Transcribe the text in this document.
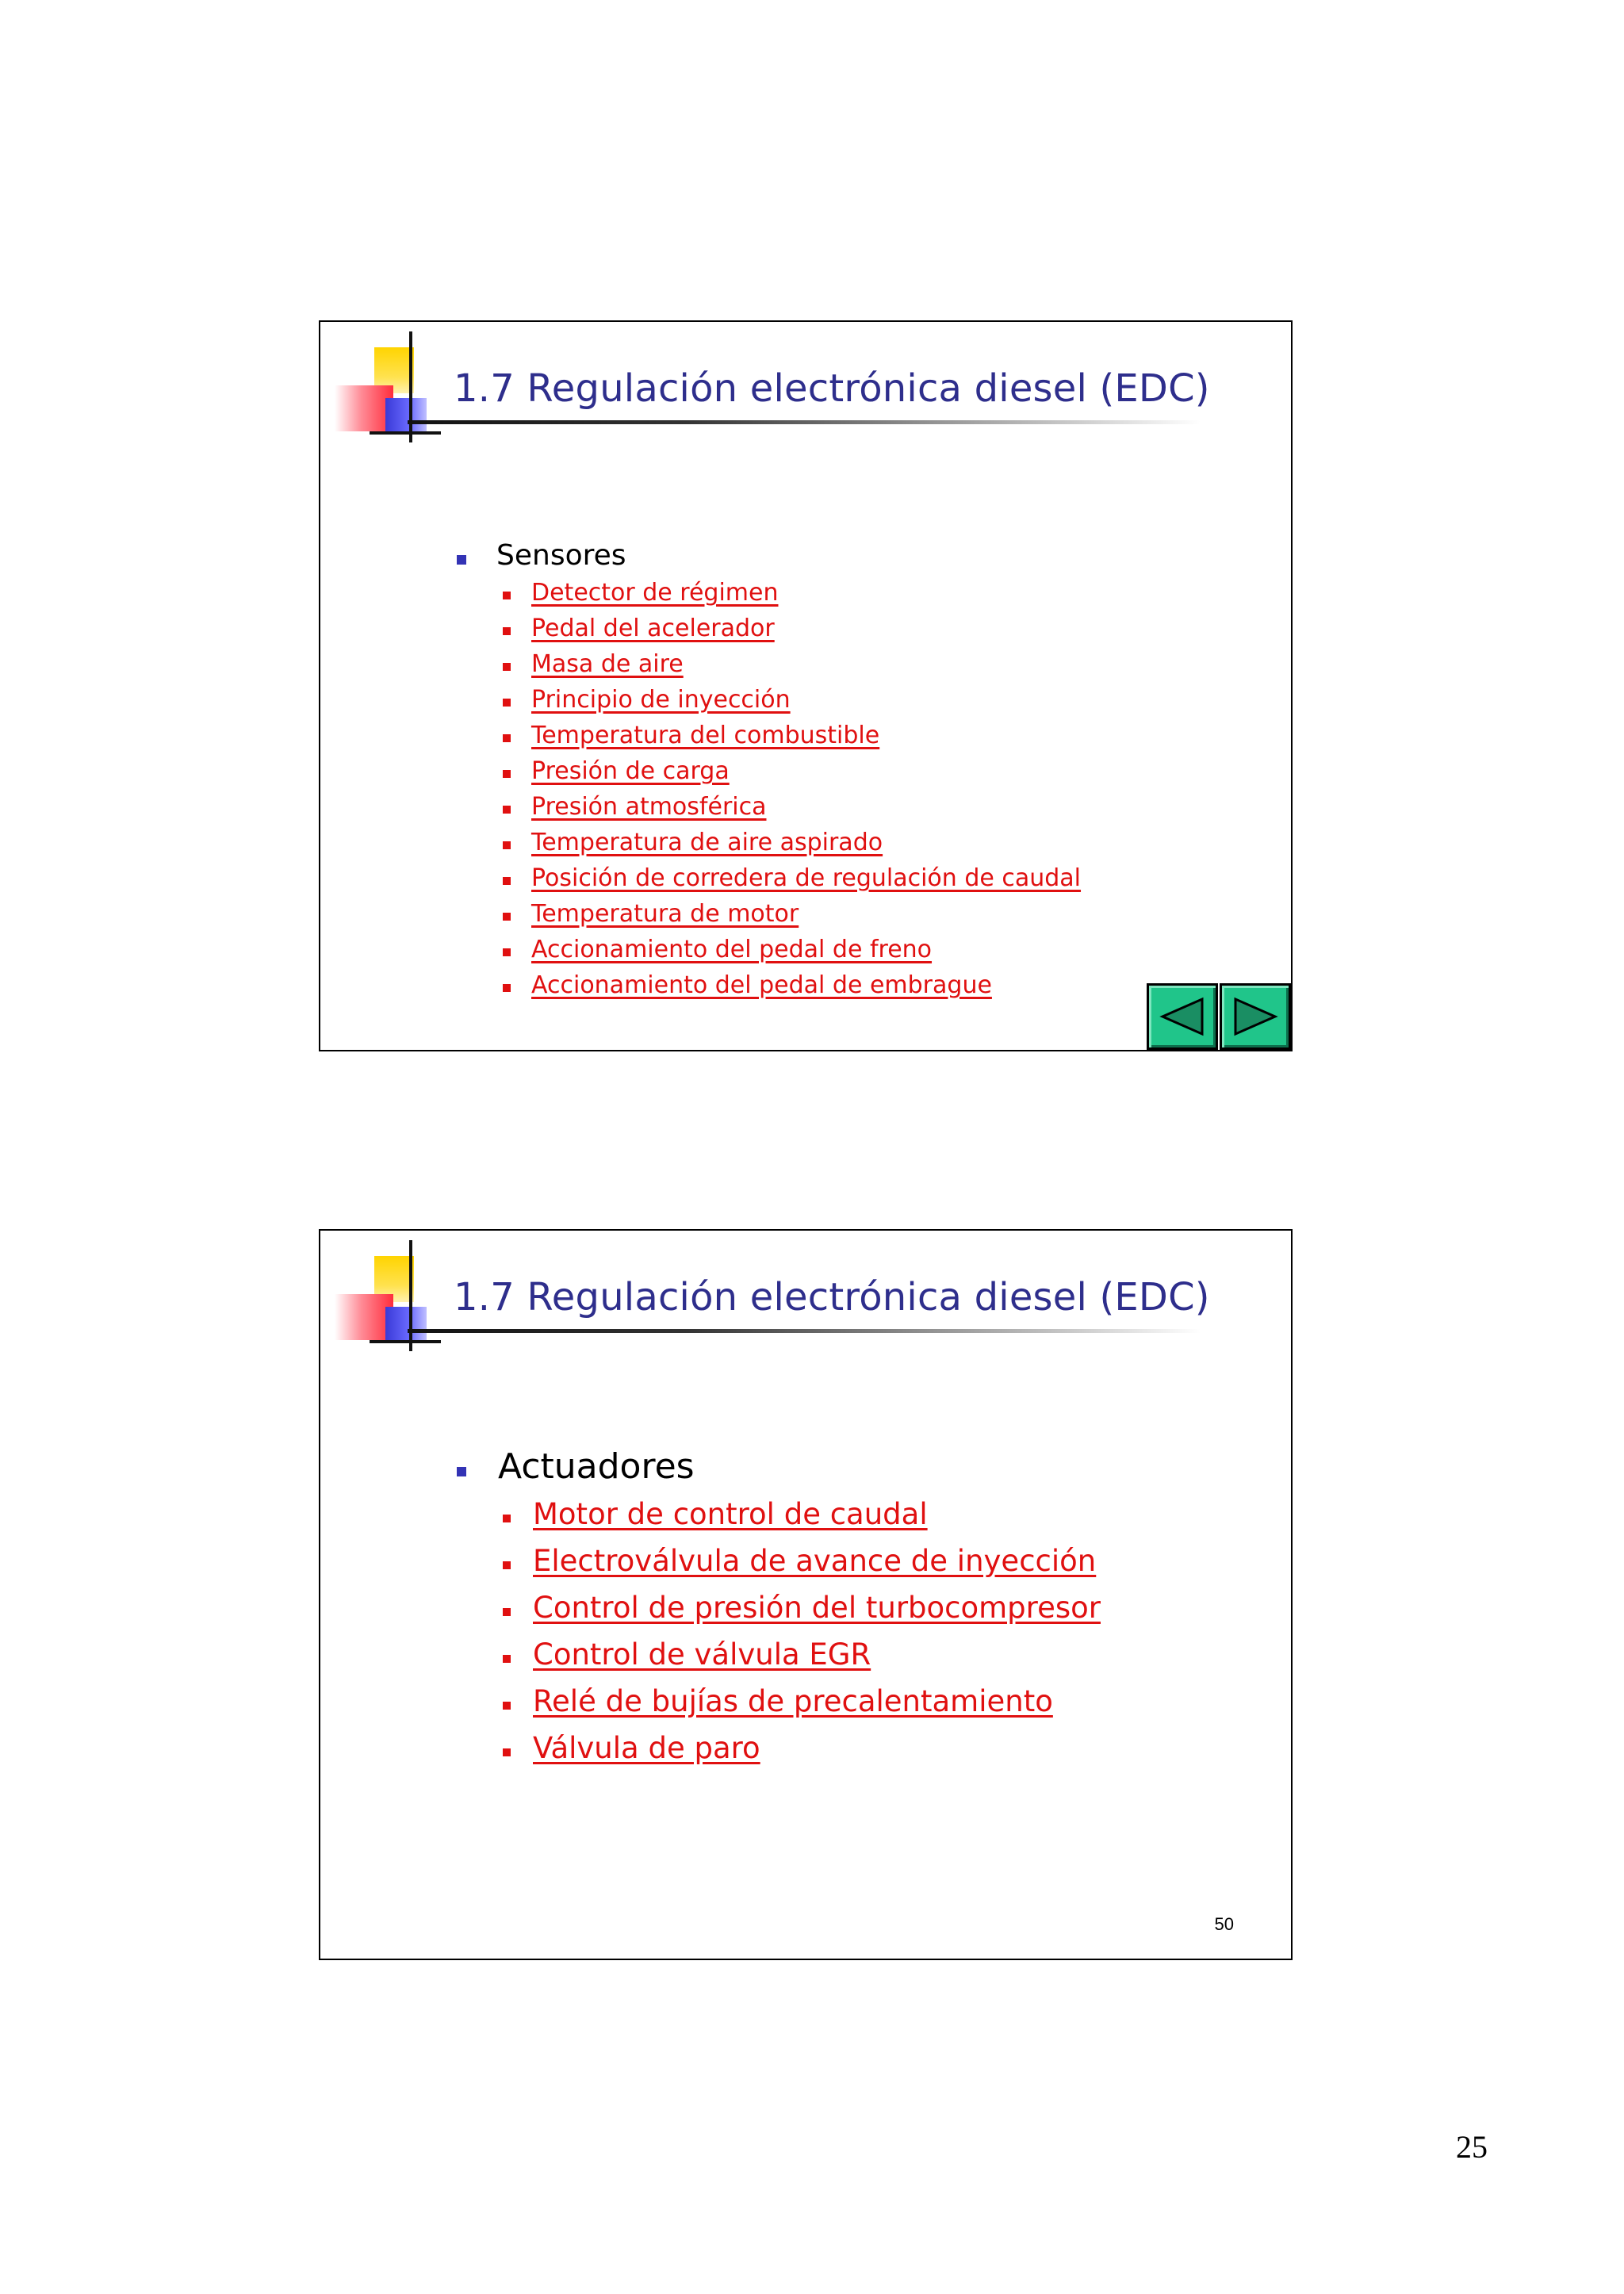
1.7 Regulación electrónica diesel (EDC)
Sensores
Detector de régimen
Pedal del acelerador
Masa de aire
Principio de inyección
Temperatura del combustible
Presión de carga
Presión atmosférica
Temperatura de aire aspirado
Posición de corredera de regulación de caudal
Temperatura de motor
Accionamiento del pedal de freno
Accionamiento del pedal de embrague
1.7 Regulación electrónica diesel (EDC)
Actuadores
Motor de control de caudal
Electroválvula de avance de inyección
Control de presión del turbocompresor
Control de válvula EGR
Relé de bujías de precalentamiento
Válvula de paro
50
25
